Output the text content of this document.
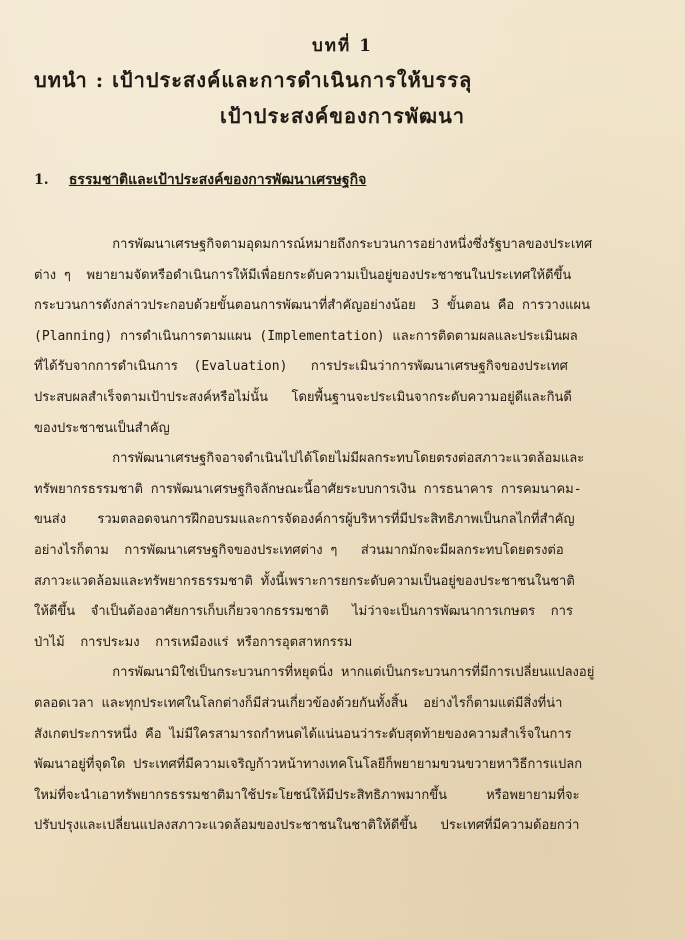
บทที่ 1
บทนำ : เป้าประสงค์และการดำเนินการให้บรรลุ
เป้าประสงค์ของการพัฒนา
1. ธรรมชาติและเป้าประสงค์ของการพัฒนาเศรษฐกิจ
การพัฒนาเศรษฐกิจตามอุดมการณ์หมายถึงกระบวนการอย่างหนึ่งซึ่งรัฐบาลของประเทศ
ต่าง ๆ  พยายามจัดหรือดำเนินการให้มีเพื่อยกระดับความเป็นอยู่ของประชาชนในประเทศให้ดีขึ้น
กระบวนการดังกล่าวประกอบด้วยขั้นตอนการพัฒนาที่สำคัญอย่างน้อย  3 ขั้นตอน คือ การวางแผน
(Planning) การดำเนินการตามแผน (Implementation) และการติดตามผลและประเมินผล
ที่ได้รับจากการดำเนินการ  (Evaluation)   การประเมินว่าการพัฒนาเศรษฐกิจของประเทศ
ประสบผลสำเร็จตามเป้าประสงค์หรือไม่นั้น   โดยพื้นฐานจะประเมินจากระดับความอยู่ดีและกินดี
ของประชาชนเป็นสำคัญ
การพัฒนาเศรษฐกิจอาจดำเนินไปได้โดยไม่มีผลกระทบโดยตรงต่อสภาวะแวดล้อมและ
ทรัพยากรธรรมชาติ การพัฒนาเศรษฐกิจลักษณะนี้อาศัยระบบการเงิน การธนาคาร การคมนาคม-
ขนส่ง    รวมตลอดจนการฝึกอบรมและการจัดองค์การผู้บริหารที่มีประสิทธิภาพเป็นกลไกที่สำคัญ
อย่างไรก็ตาม  การพัฒนาเศรษฐกิจของประเทศต่าง ๆ   ส่วนมากมักจะมีผลกระทบโดยตรงต่อ
สภาวะแวดล้อมและทรัพยากรธรรมชาติ ทั้งนี้เพราะการยกระดับความเป็นอยู่ของประชาชนในชาติ
ให้ดีขึ้น  จำเป็นต้องอาศัยการเก็บเกี่ยวจากธรรมชาติ   ไม่ว่าจะเป็นการพัฒนาการเกษตร  การ
ป่าไม้  การประมง  การเหมืองแร่ หรือการอุตสาหกรรม
การพัฒนามิใช่เป็นกระบวนการที่หยุดนิ่ง หากแต่เป็นกระบวนการที่มีการเปลี่ยนแปลงอยู่
ตลอดเวลา และทุกประเทศในโลกต่างก็มีส่วนเกี่ยวข้องด้วยกันทั้งสิ้น  อย่างไรก็ตามแต่มีสิ่งที่น่า
สังเกตประการหนึ่ง คือ ไม่มีใครสามารถกำหนดได้แน่นอนว่าระดับสุดท้ายของความสำเร็จในการ
พัฒนาอยู่ที่จุดใด ประเทศที่มีความเจริญก้าวหน้าทางเทคโนโลยีก็พยายามขวนขวายหาวิธีการแปลก
ใหม่ที่จะนำเอาทรัพยากรธรรมชาติมาใช้ประโยชน์ให้มีประสิทธิภาพมากขึ้น     หรือพยายามที่จะ
ปรับปรุงและเปลี่ยนแปลงสภาวะแวดล้อมของประชาชนในชาติให้ดีขึ้น   ประเทศที่มีความด้อยกว่า
